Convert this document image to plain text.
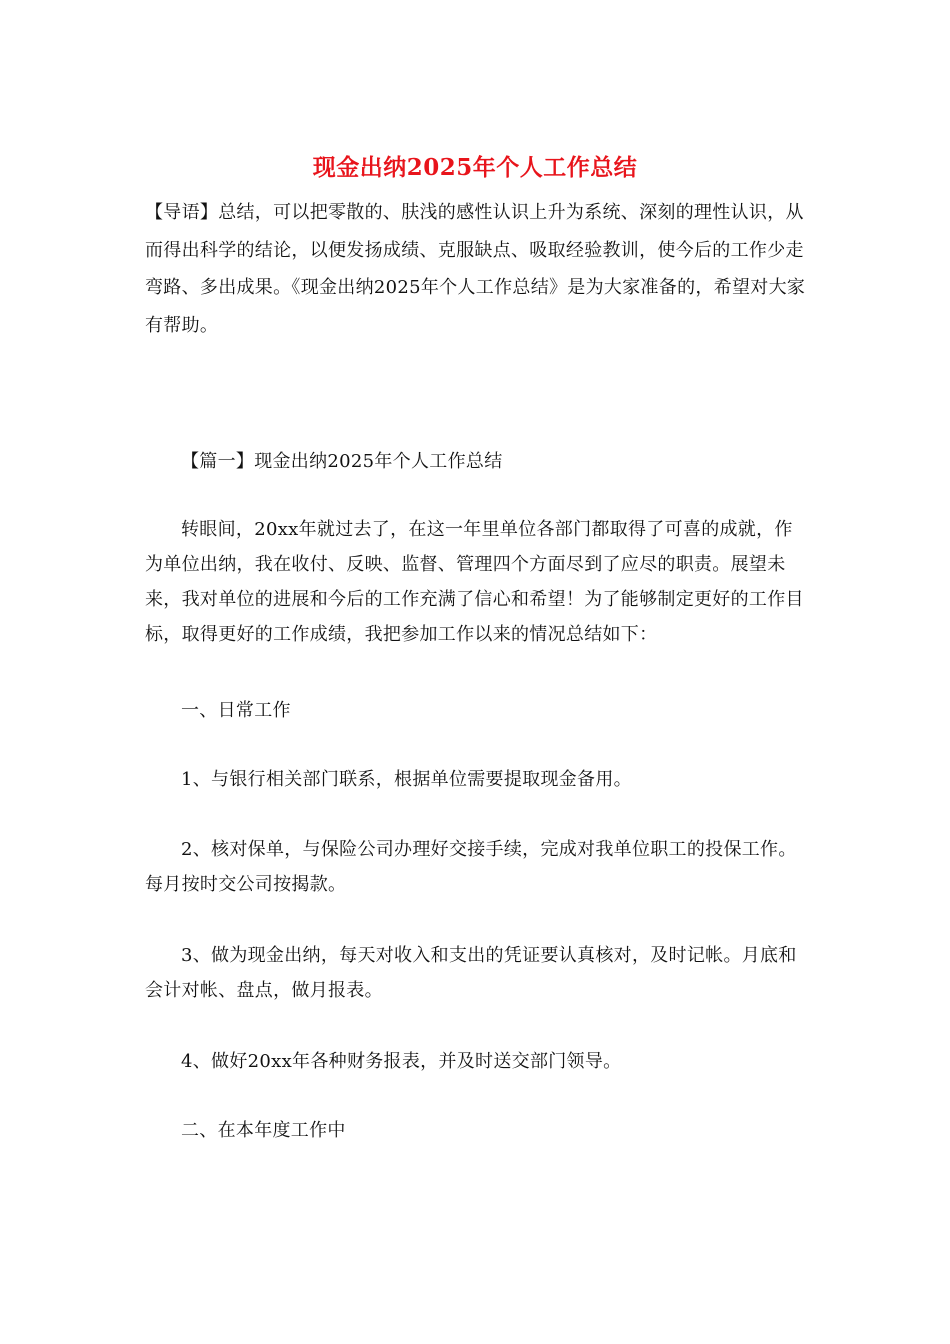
现金出纳2025年个人工作总结
【导语】总结，可以把零散的、肤浅的感性认识上升为系统、深刻的理性认识，从而得出科学的结论，以便发扬成绩、克服缺点、吸取经验教训，使今后的工作少走弯路、多出成果。《现金出纳2025年个人工作总结》是为大家准备的，希望对大家有帮助。
【篇一】现金出纳2025年个人工作总结
转眼间，20xx年就过去了，在这一年里单位各部门都取得了可喜的成就，作为单位出纳，我在收付、反映、监督、管理四个方面尽到了应尽的职责。展望未来，我对单位的进展和今后的工作充满了信心和希望！为了能够制定更好的工作目标，取得更好的工作成绩，我把参加工作以来的情况总结如下：
一、日常工作
1、与银行相关部门联系，根据单位需要提取现金备用。
2、核对保单，与保险公司办理好交接手续，完成对我单位职工的投保工作。每月按时交公司按揭款。
3、做为现金出纳，每天对收入和支出的凭证要认真核对，及时记帐。月底和会计对帐、盘点，做月报表。
4、做好20xx年各种财务报表，并及时送交部门领导。
二、在本年度工作中
